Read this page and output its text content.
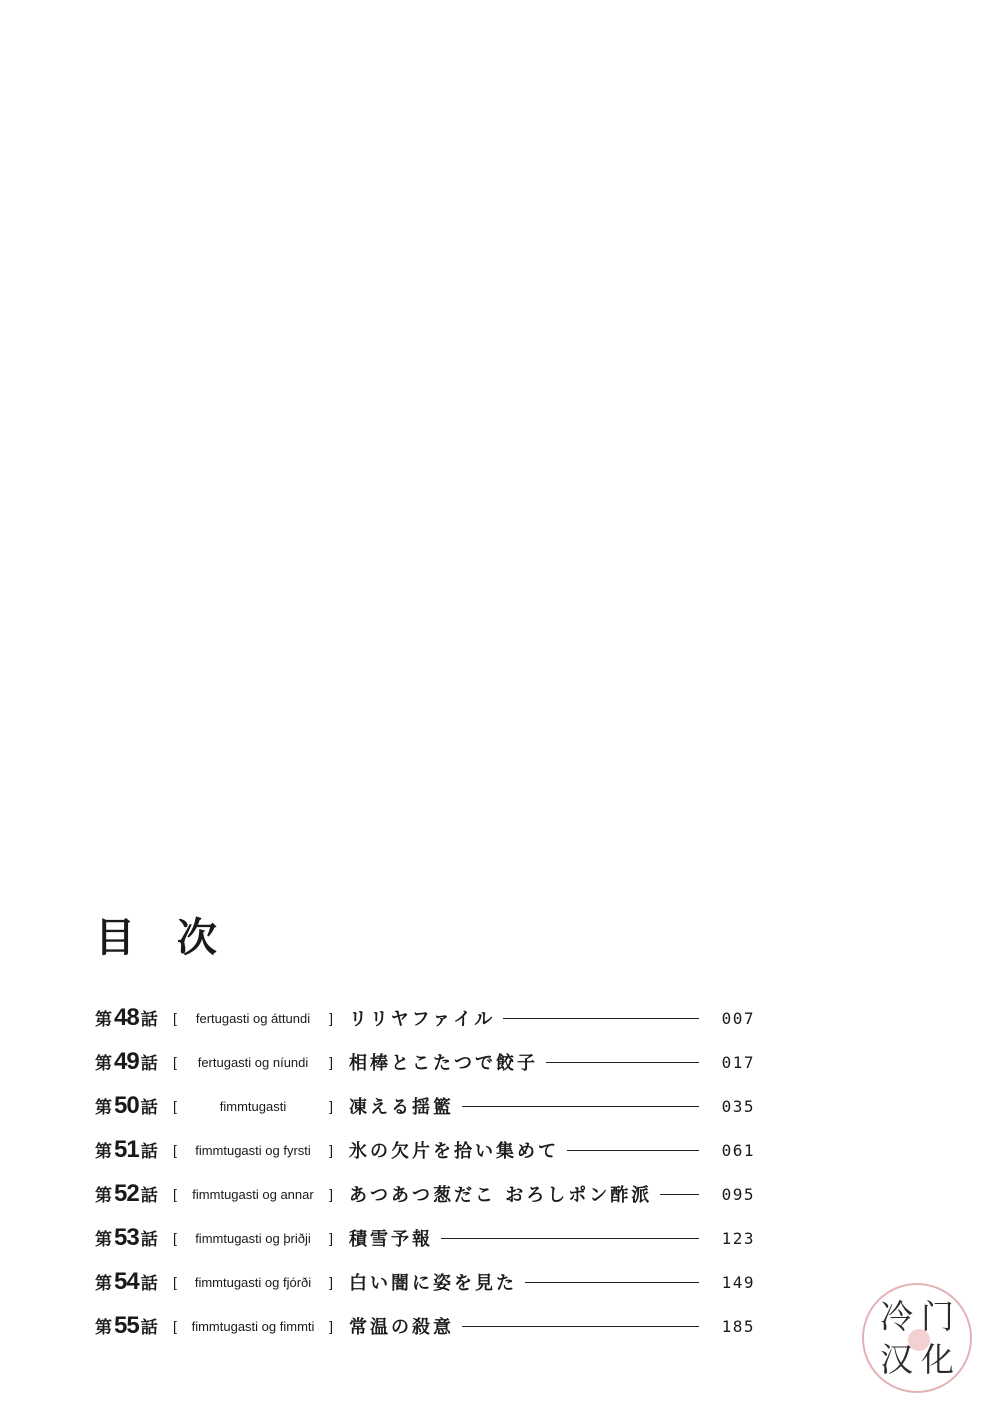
目 次
第 48 話 [	fertugasti og áttundi	] リリヤファイル	007
第 49 話 [	fertugasti og níundi	] 相棒とこたつで餃子	017
第 50 話 [	fimmtugasti	] 凍える揺籃	035
第 51 話 [	fimmtugasti og fyrsti	] 氷の欠片を拾い集めて	061
第 52 話 [	fimmtugasti og annar	] あつあつ葱だこ おろしポン酢派	095
第 53 話 [	fimmtugasti og þriðji	] 積雪予報	123
第 54 話 [	fimmtugasti og fjórði	] 白い闇に姿を見た	149
第 55 話 [	fimmtugasti og fimmti	] 常温の殺意	185	冷 门
汉 化
